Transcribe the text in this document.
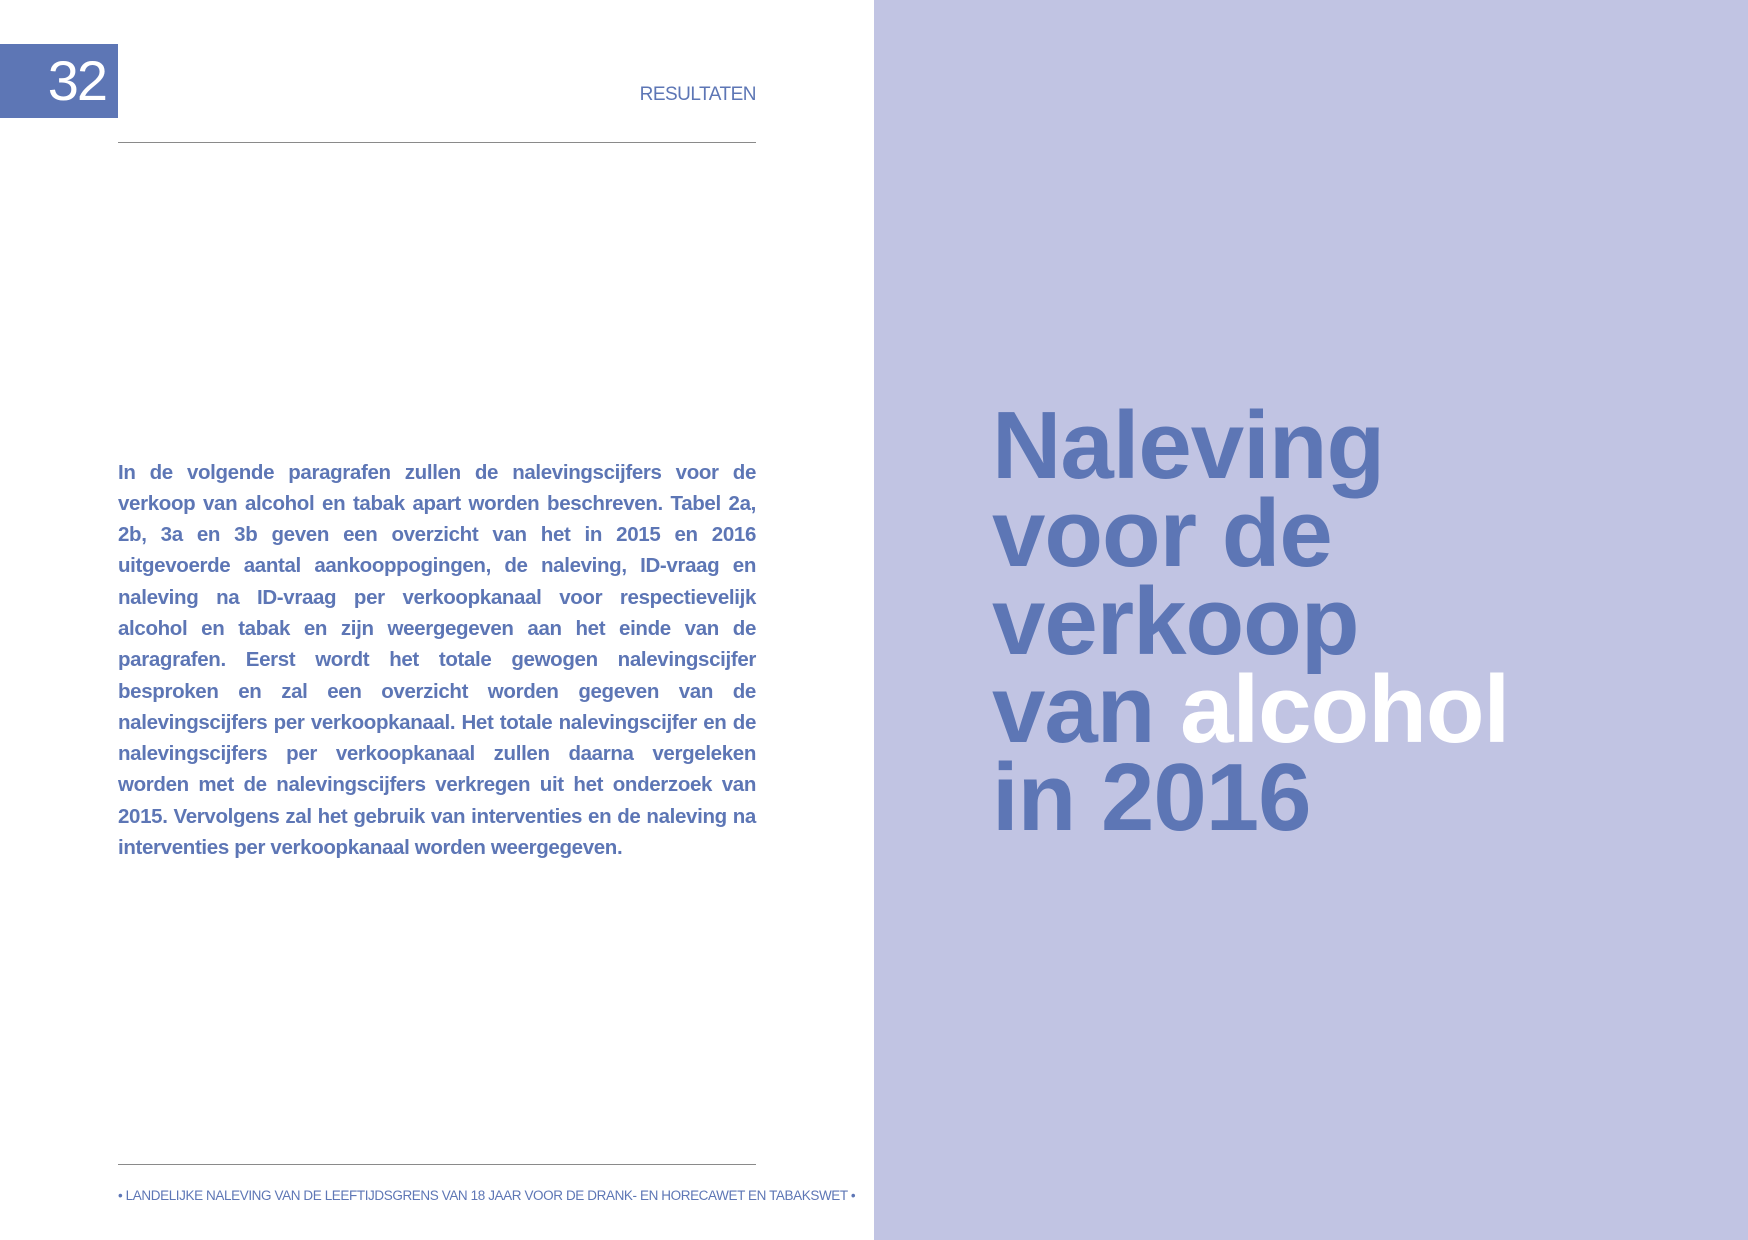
32	RESULTATEN

In de volgende paragrafen zullen de nalevingscijfers voor de verkoop van alcohol en tabak apart worden beschreven. Tabel 2a, 2b, 3a en 3b geven een overzicht van het in 2015 en 2016 uitgevoerde aantal aankooppogingen, de naleving, ID-vraag en naleving na ID-vraag per verkoopkanaal voor respectievelijk alcohol en tabak en zijn weergegeven aan het einde van de paragrafen. Eerst wordt het totale gewogen nalevingscijfer besproken en zal een overzicht worden gegeven van de nalevingscijfers per verkoopkanaal. Het totale nalevingscijfer en de nalevingscijfers per verkoopkanaal zullen daarna vergeleken worden met de nalevingscijfers verkregen uit het onderzoek van 2015. Vervolgens zal het gebruik van interventies en de naleving na interventies per verkoopkanaal worden weergegeven.

• LANDELIJKE NALEVING VAN DE LEEFTIJDSGRENS VAN 18 JAAR VOOR DE DRANK- EN HORECAWET EN TABAKSWET •
Naleving
voor de
verkoop
van alcohol
in 2016
